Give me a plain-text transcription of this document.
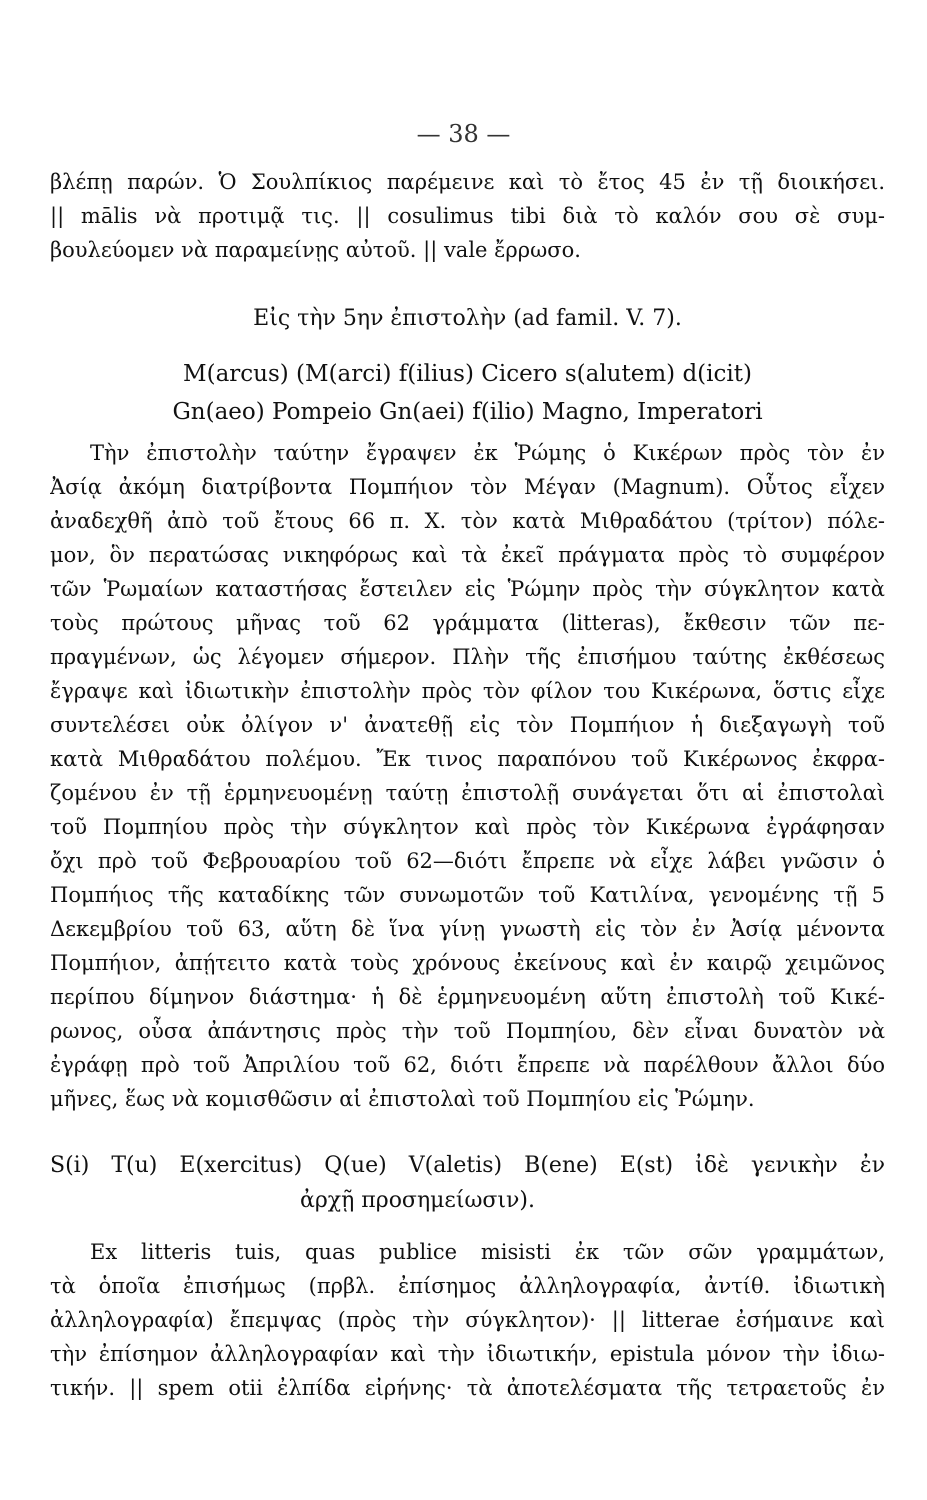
— 38 —
βλέπῃ παρών. Ὁ Σουλπίκιος παρέμεινε καὶ τὸ ἔτος 45 ἐν τῇ διοικήσει.
|| mālis νὰ προτιμᾷ τις. || cosulimus tibi διὰ τὸ καλόν σου σὲ συμ-
βουλεύομεν νὰ παραμείνῃς αὐτοῦ. || vale ἔρρωσο.
Εἰς τὴν 5ην ἐπιστολὴν (ad famil. V. 7).
M(arcus) (M(arci) f(ilius) Cicero s(alutem) d(icit)
Gn(aeo) Pompeio Gn(aei) f(ilio) Magno, Imperatori
Τὴν ἐπιστολὴν ταύτην ἔγραψεν ἐκ Ῥώμης ὁ Κικέρων πρὸς τὸν ἐν
Ἀσίᾳ ἀκόμη διατρίβοντα Πομπήιον τὸν Μέγαν (Magnum). Οὗτος εἶχεν
ἀναδεχθῆ ἀπὸ τοῦ ἔτους 66 π. Χ. τὸν κατὰ Μιθραδάτου (τρίτον) πόλε-
μον, ὃν περατώσας νικηφόρως καὶ τὰ ἐκεῖ πράγματα πρὸς τὸ συμφέρον
τῶν Ῥωμαίων καταστήσας ἔστειλεν εἰς Ῥώμην πρὸς τὴν σύγκλητον κατὰ
τοὺς πρώτους μῆνας τοῦ 62 γράμματα (litteras), ἔκθεσιν τῶν πε-
πραγμένων, ὡς λέγομεν σήμερον. Πλὴν τῆς ἐπισήμου ταύτης ἐκθέσεως
ἔγραψε καὶ ἰδιωτικὴν ἐπιστολὴν πρὸς τὸν φίλον του Κικέρωνα, ὅστις εἶχε
συντελέσει οὐκ ὀλίγον ν' ἀνατεθῇ εἰς τὸν Πομπήιον ἡ διεξαγωγὴ τοῦ
κατὰ Μιθραδάτου πολέμου. Ἔκ τινος παραπόνου τοῦ Κικέρωνος ἐκφρα-
ζομένου ἐν τῇ ἑρμηνευομένῃ ταύτῃ ἐπιστολῇ συνάγεται ὅτι αἱ ἐπιστολαὶ
τοῦ Πομπηίου πρὸς τὴν σύγκλητον καὶ πρὸς τὸν Κικέρωνα ἐγράφησαν
ὄχι πρὸ τοῦ Φεβρουαρίου τοῦ 62—διότι ἔπρεπε νὰ εἶχε λάβει γνῶσιν ὁ
Πομπήιος τῆς καταδίκης τῶν συνωμοτῶν τοῦ Κατιλίνα, γενομένης τῇ 5
Δεκεμβρίου τοῦ 63, αὕτη δὲ ἵνα γίνῃ γνωστὴ εἰς τὸν ἐν Ἀσίᾳ μένοντα
Πομπήιον, ἀπῄτειτο κατὰ τοὺς χρόνους ἐκείνους καὶ ἐν καιρῷ χειμῶνος
περίπου δίμηνον διάστημα· ἡ δὲ ἑρμηνευομένη αὕτη ἐπιστολὴ τοῦ Κικέ-
ρωνος, οὖσα ἀπάντησις πρὸς τὴν τοῦ Πομπηίου, δὲν εἶναι δυνατὸν νὰ
ἐγράφῃ πρὸ τοῦ Ἀπριλίου τοῦ 62, διότι ἔπρεπε νὰ παρέλθουν ἄλλοι δύο
μῆνες, ἕως νὰ κομισθῶσιν αἱ ἐπιστολαὶ τοῦ Πομπηίου εἰς Ῥώμην.
S(i) T(u) E(xercitus) Q(ue) V(aletis) B(ene) E(st) ἰδὲ γενικὴν ἐν
ἀρχῇ προσημείωσιν).
Ex litteris tuis, quas publice misisti ἐκ τῶν σῶν γραμμάτων,
τὰ ὁποῖα ἐπισήμως (πρβλ. ἐπίσημος ἀλληλογραφία, ἀντίθ. ἰδιωτικὴ
ἀλληλογραφία) ἔπεμψας (πρὸς τὴν σύγκλητον)· || litterae ἐσήμαινε καὶ
τὴν ἐπίσημον ἀλληλογραφίαν καὶ τὴν ἰδιωτικήν, epistula μόνον τὴν ἰδιω-
τικήν. || spem otii ἐλπίδα εἰρήνης· τὰ ἀποτελέσματα τῆς τετραετοῦς ἐν
